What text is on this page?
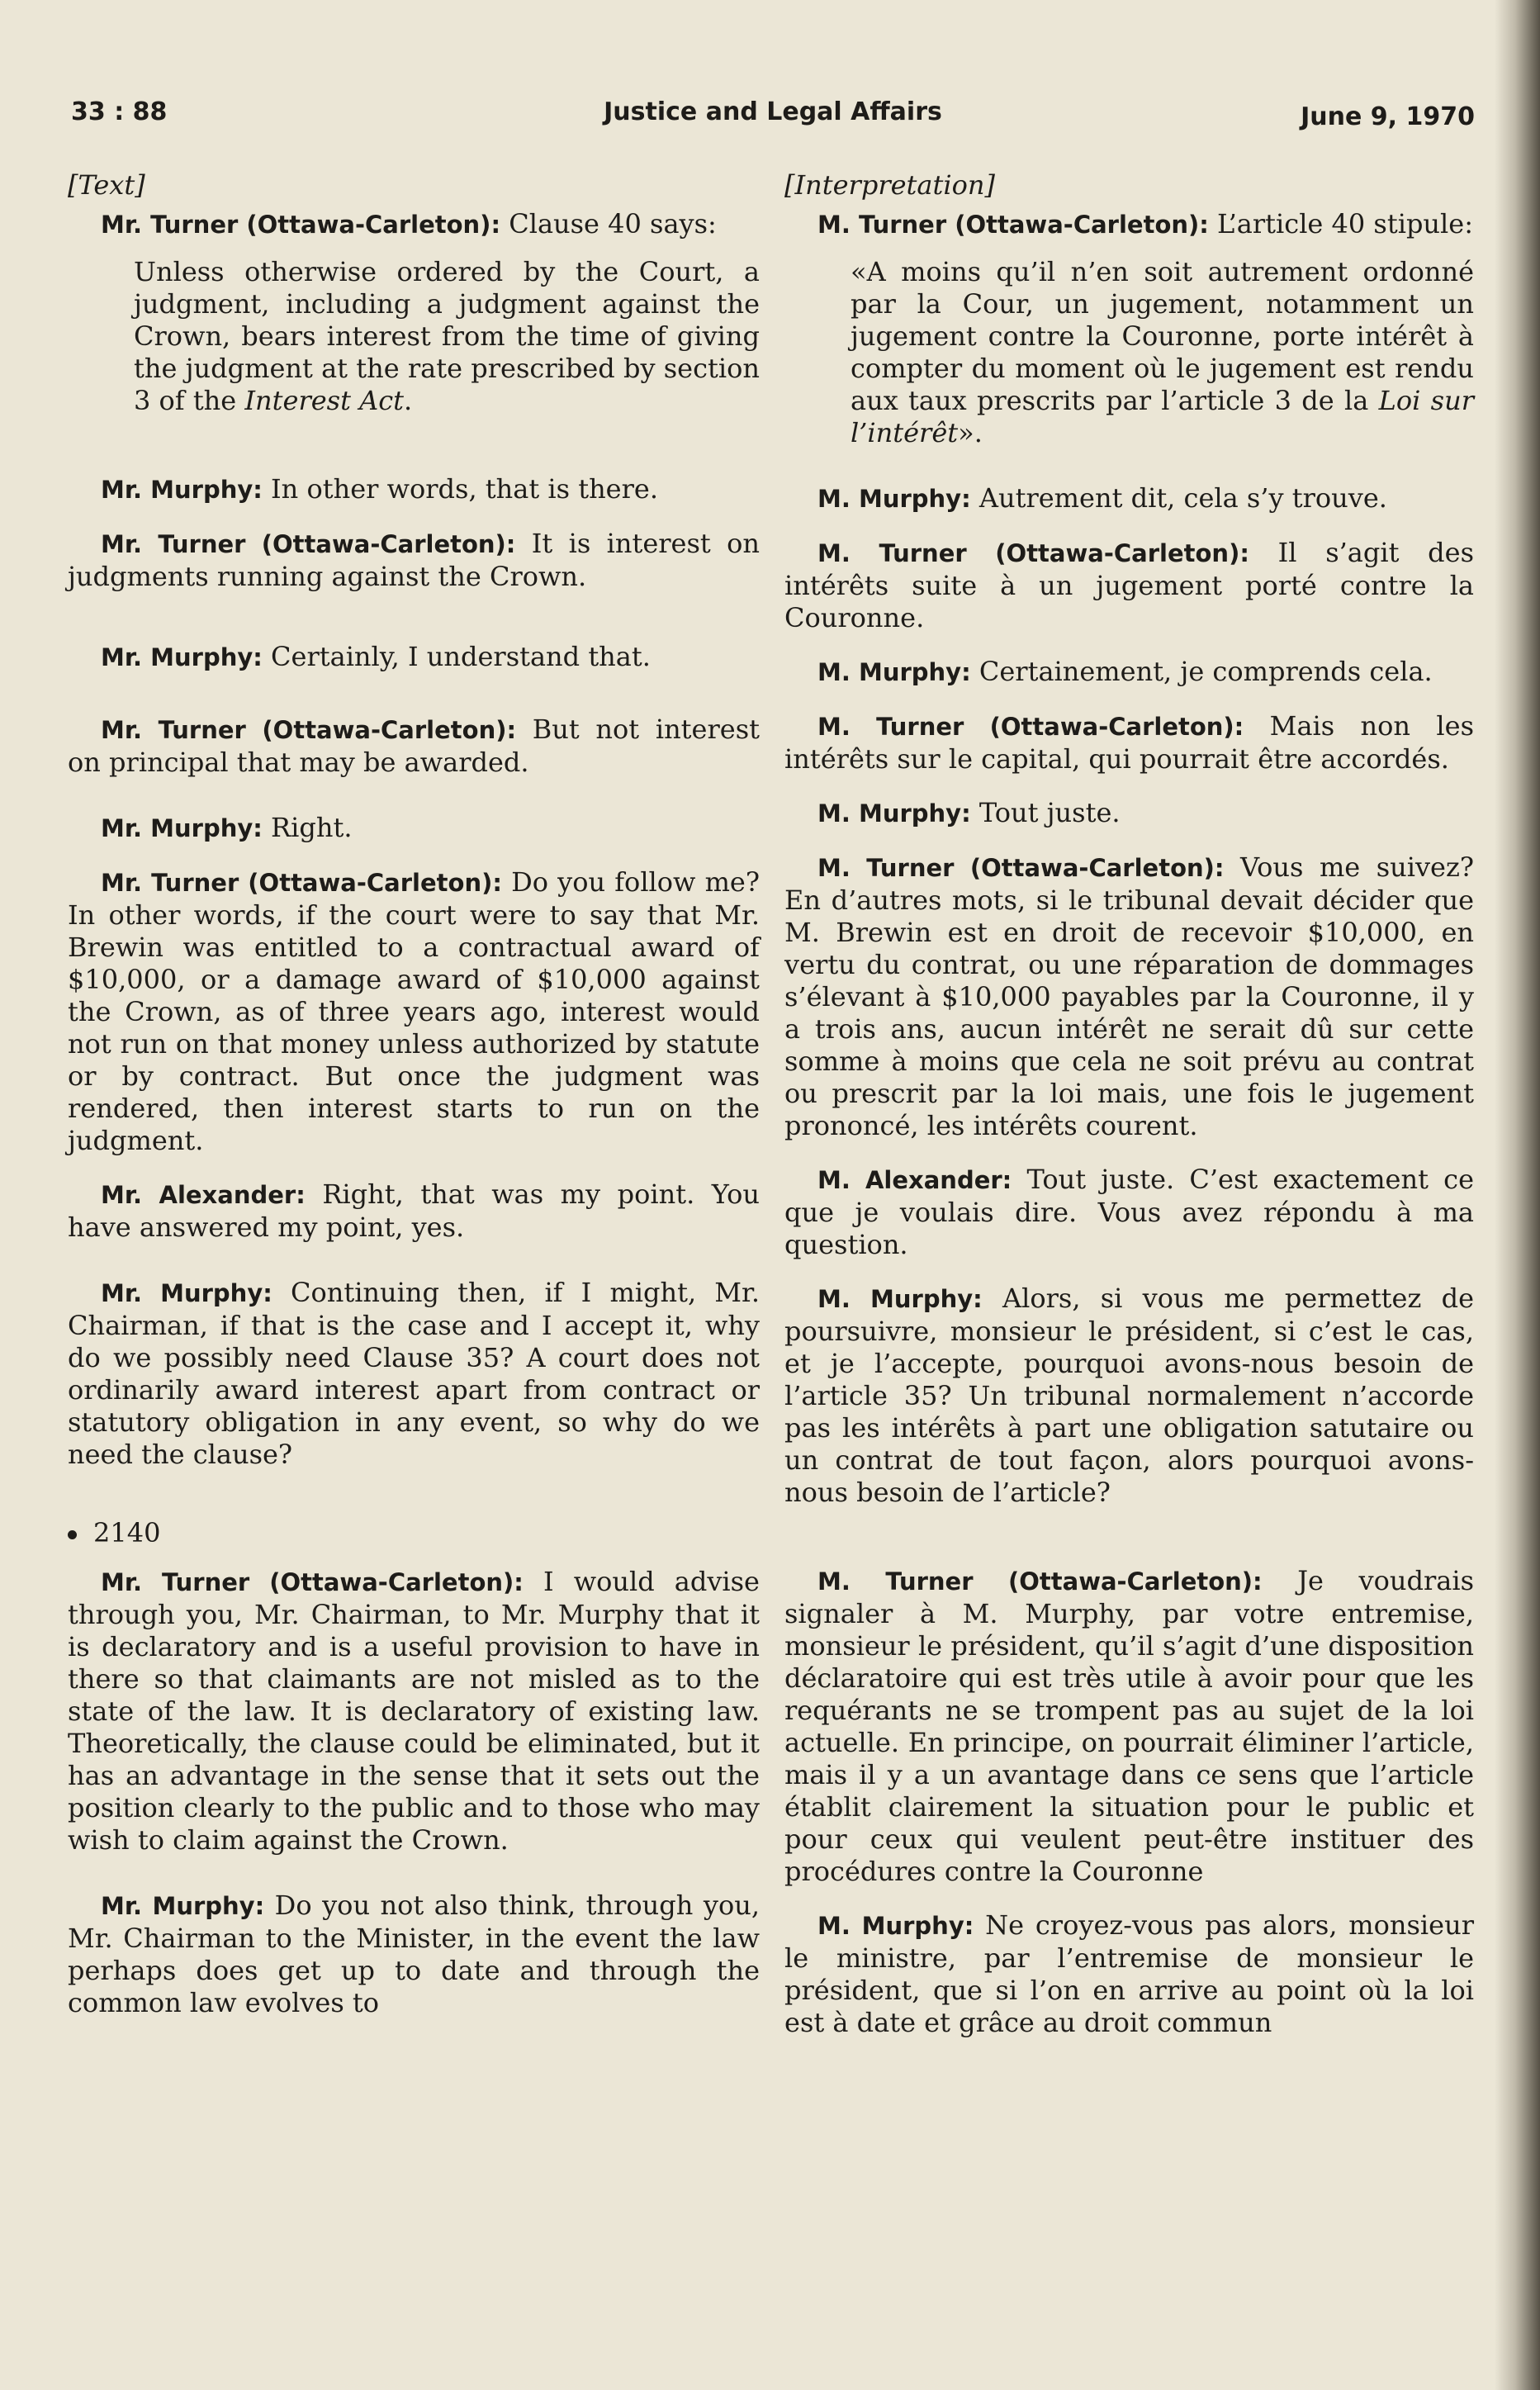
33 : 88	Justice and Legal Affairs	June 9, 1970
[Text]

Mr. Turner (Ottawa-Carleton): Clause 40 says:

Unless otherwise ordered by the Court, a judgment, including a judgment against the Crown, bears interest from the time of giving the judgment at the rate prescribed by section 3 of the Interest Act.

Mr. Murphy: In other words, that is there.

Mr. Turner (Ottawa-Carleton): It is interest on judgments running against the Crown.

Mr. Murphy: Certainly, I understand that.

Mr. Turner (Ottawa-Carleton): But not interest on principal that may be awarded.

Mr. Murphy: Right.

Mr. Turner (Ottawa-Carleton): Do you follow me? In other words, if the court were to say that Mr. Brewin was entitled to a contractual award of $10,000, or a damage award of $10,000 against the Crown, as of three years ago, interest would not run on that money unless authorized by statute or by contract. But once the judgment was rendered, then interest starts to run on the judgment.

Mr. Alexander: Right, that was my point. You have answered my point, yes.

Mr. Murphy: Continuing then, if I might, Mr. Chairman, if that is the case and I accept it, why do we possibly need Clause 35? A court does not ordinarily award interest apart from contract or statutory obligation in any event, so why do we need the clause?

2140

Mr. Turner (Ottawa-Carleton): I would advise through you, Mr. Chairman, to Mr. Murphy that it is declaratory and is a useful provision to have in there so that claimants are not misled as to the state of the law. It is declaratory of existing law. Theoretically, the clause could be eliminated, but it has an advantage in the sense that it sets out the position clearly to the public and to those who may wish to claim against the Crown.

Mr. Murphy: Do you not also think, through you, Mr. Chairman to the Minister, in the event the law perhaps does get up to date and through the common law evolves to

[Interpretation]

M. Turner (Ottawa-Carleton): L’article 40 stipule:

«A moins qu’il n’en soit autrement ordonné par la Cour, un jugement, notamment un jugement contre la Couronne, porte intérêt à compter du moment où le jugement est rendu aux taux prescrits par l’article 3 de la Loi sur l’intérêt».

M. Murphy: Autrement dit, cela s’y trouve.

M. Turner (Ottawa-Carleton): Il s’agit des intérêts suite à un jugement porté contre la Couronne.

M. Murphy: Certainement, je comprends cela.

M. Turner (Ottawa-Carleton): Mais non les intérêts sur le capital, qui pourrait être accordés.

M. Murphy: Tout juste.

M. Turner (Ottawa-Carleton): Vous me suivez? En d’autres mots, si le tribunal devait décider que M. Brewin est en droit de recevoir $10,000, en vertu du contrat, ou une réparation de dommages s’élevant à $10,000 payables par la Couronne, il y a trois ans, aucun intérêt ne serait dû sur cette somme à moins que cela ne soit prévu au contrat ou prescrit par la loi mais, une fois le jugement prononcé, les intérêts courent.

M. Alexander: Tout juste. C’est exactement ce que je voulais dire. Vous avez répondu à ma question.

M. Murphy: Alors, si vous me permettez de poursuivre, monsieur le président, si c’est le cas, et je l’accepte, pourquoi avons-nous besoin de l’article 35? Un tribunal normalement n’accorde pas les intérêts à part une obligation satutaire ou un contrat de tout façon, alors pourquoi avons-nous besoin de l’article?

M. Turner (Ottawa-Carleton): Je voudrais signaler à M. Murphy, par votre entremise, monsieur le président, qu’il s’agit d’une disposition déclaratoire qui est très utile à avoir pour que les requérants ne se trompent pas au sujet de la loi actuelle. En principe, on pourrait éliminer l’article, mais il y a un avantage dans ce sens que l’article établit clairement la situation pour le public et pour ceux qui veulent peut-être instituer des procédures contre la Couronne

M. Murphy: Ne croyez-vous pas alors, monsieur le ministre, par l’entremise de monsieur le président, que si l’on en arrive au point où la loi est à date et grâce au droit commun
